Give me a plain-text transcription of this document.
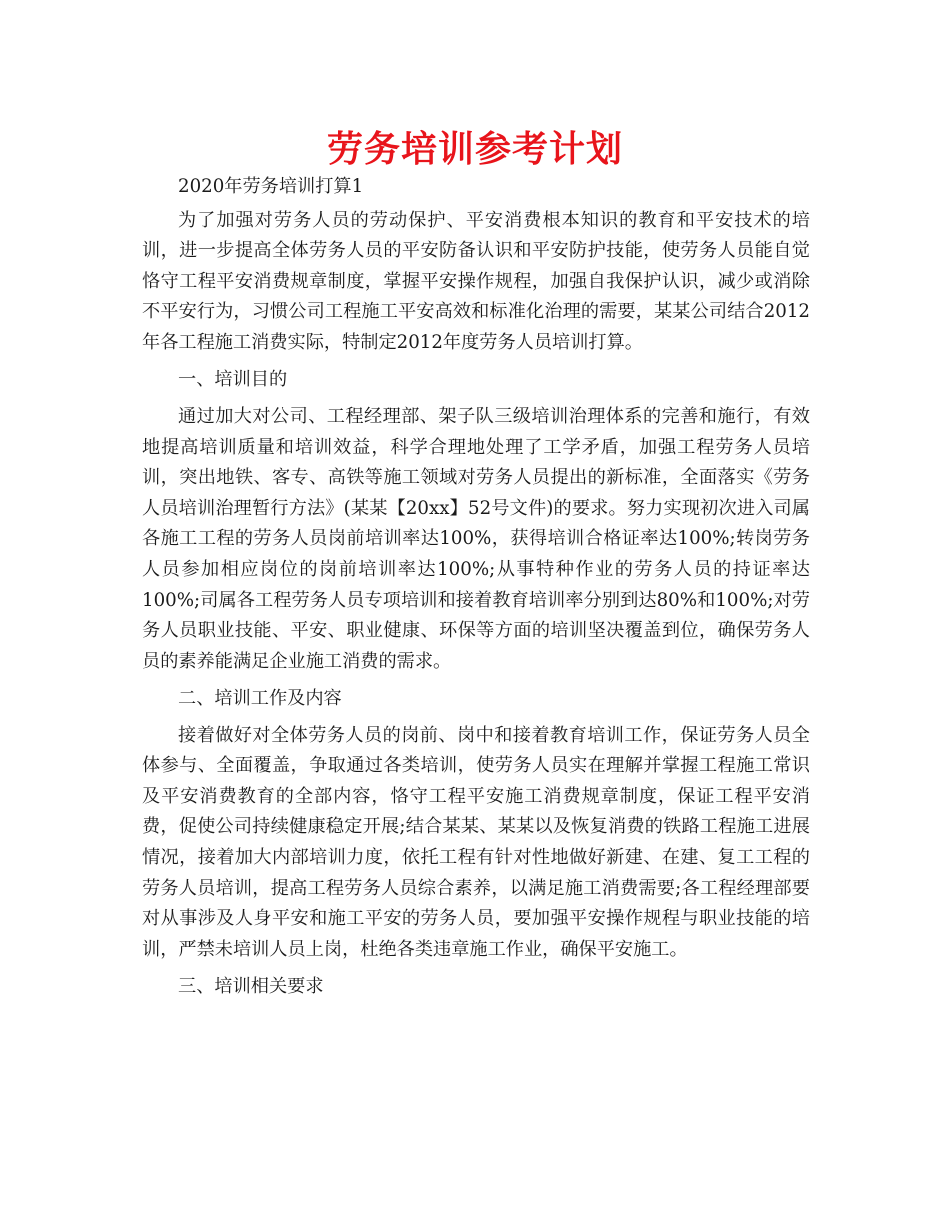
劳务培训参考计划

2020年劳务培训打算1

为了加强对劳务人员的劳动保护、平安消费根本知识的教育和平安技术的培训，进一步提高全体劳务人员的平安防备认识和平安防护技能，使劳务人员能自觉恪守工程平安消费规章制度，掌握平安操作规程，加强自我保护认识，减少或消除不平安行为，习惯公司工程施工平安高效和标准化治理的需要，某某公司结合2012年各工程施工消费实际，特制定2012年度劳务人员培训打算。

一、培训目的

通过加大对公司、工程经理部、架子队三级培训治理体系的完善和施行，有效地提高培训质量和培训效益，科学合理地处理了工学矛盾，加强工程劳务人员培训，突出地铁、客专、高铁等施工领域对劳务人员提出的新标准，全面落实《劳务人员培训治理暂行方法》(某某【20xx】52号文件)的要求。努力实现初次进入司属各施工工程的劳务人员岗前培训率达100%，获得培训合格证率达100%;转岗劳务人员参加相应岗位的岗前培训率达100%;从事特种作业的劳务人员的持证率达100%;司属各工程劳务人员专项培训和接着教育培训率分别到达80%和100%;对劳务人员职业技能、平安、职业健康、环保等方面的培训坚决覆盖到位，确保劳务人员的素养能满足企业施工消费的需求。

二、培训工作及内容

接着做好对全体劳务人员的岗前、岗中和接着教育培训工作，保证劳务人员全体参与、全面覆盖，争取通过各类培训，使劳务人员实在理解并掌握工程施工常识及平安消费教育的全部内容，恪守工程平安施工消费规章制度，保证工程平安消费，促使公司持续健康稳定开展;结合某某、某某以及恢复消费的铁路工程施工进展情况，接着加大内部培训力度，依托工程有针对性地做好新建、在建、复工工程的劳务人员培训，提高工程劳务人员综合素养，以满足施工消费需要;各工程经理部要对从事涉及人身平安和施工平安的劳务人员，要加强平安操作规程与职业技能的培训，严禁未培训人员上岗，杜绝各类违章施工作业，确保平安施工。

三、培训相关要求
